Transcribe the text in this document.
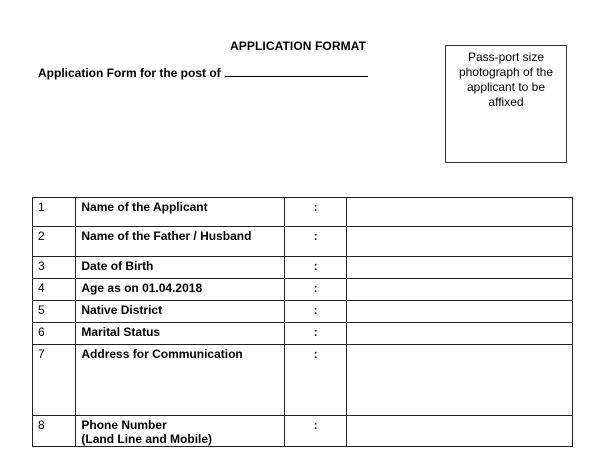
APPLICATION FORMAT
Application Form for the post of
Pass-port size photograph of the applicant to be affixed
1	Name of the Applicant	:	
2	Name of the Father / Husband	:	
3	Date of Birth	:	
4	Age as on 01.04.2018	:	
5	Native District	:	
6	Marital Status	:	
7	Address for Communication	:	
8	Phone Number
(Land Line and Mobile)	:	
